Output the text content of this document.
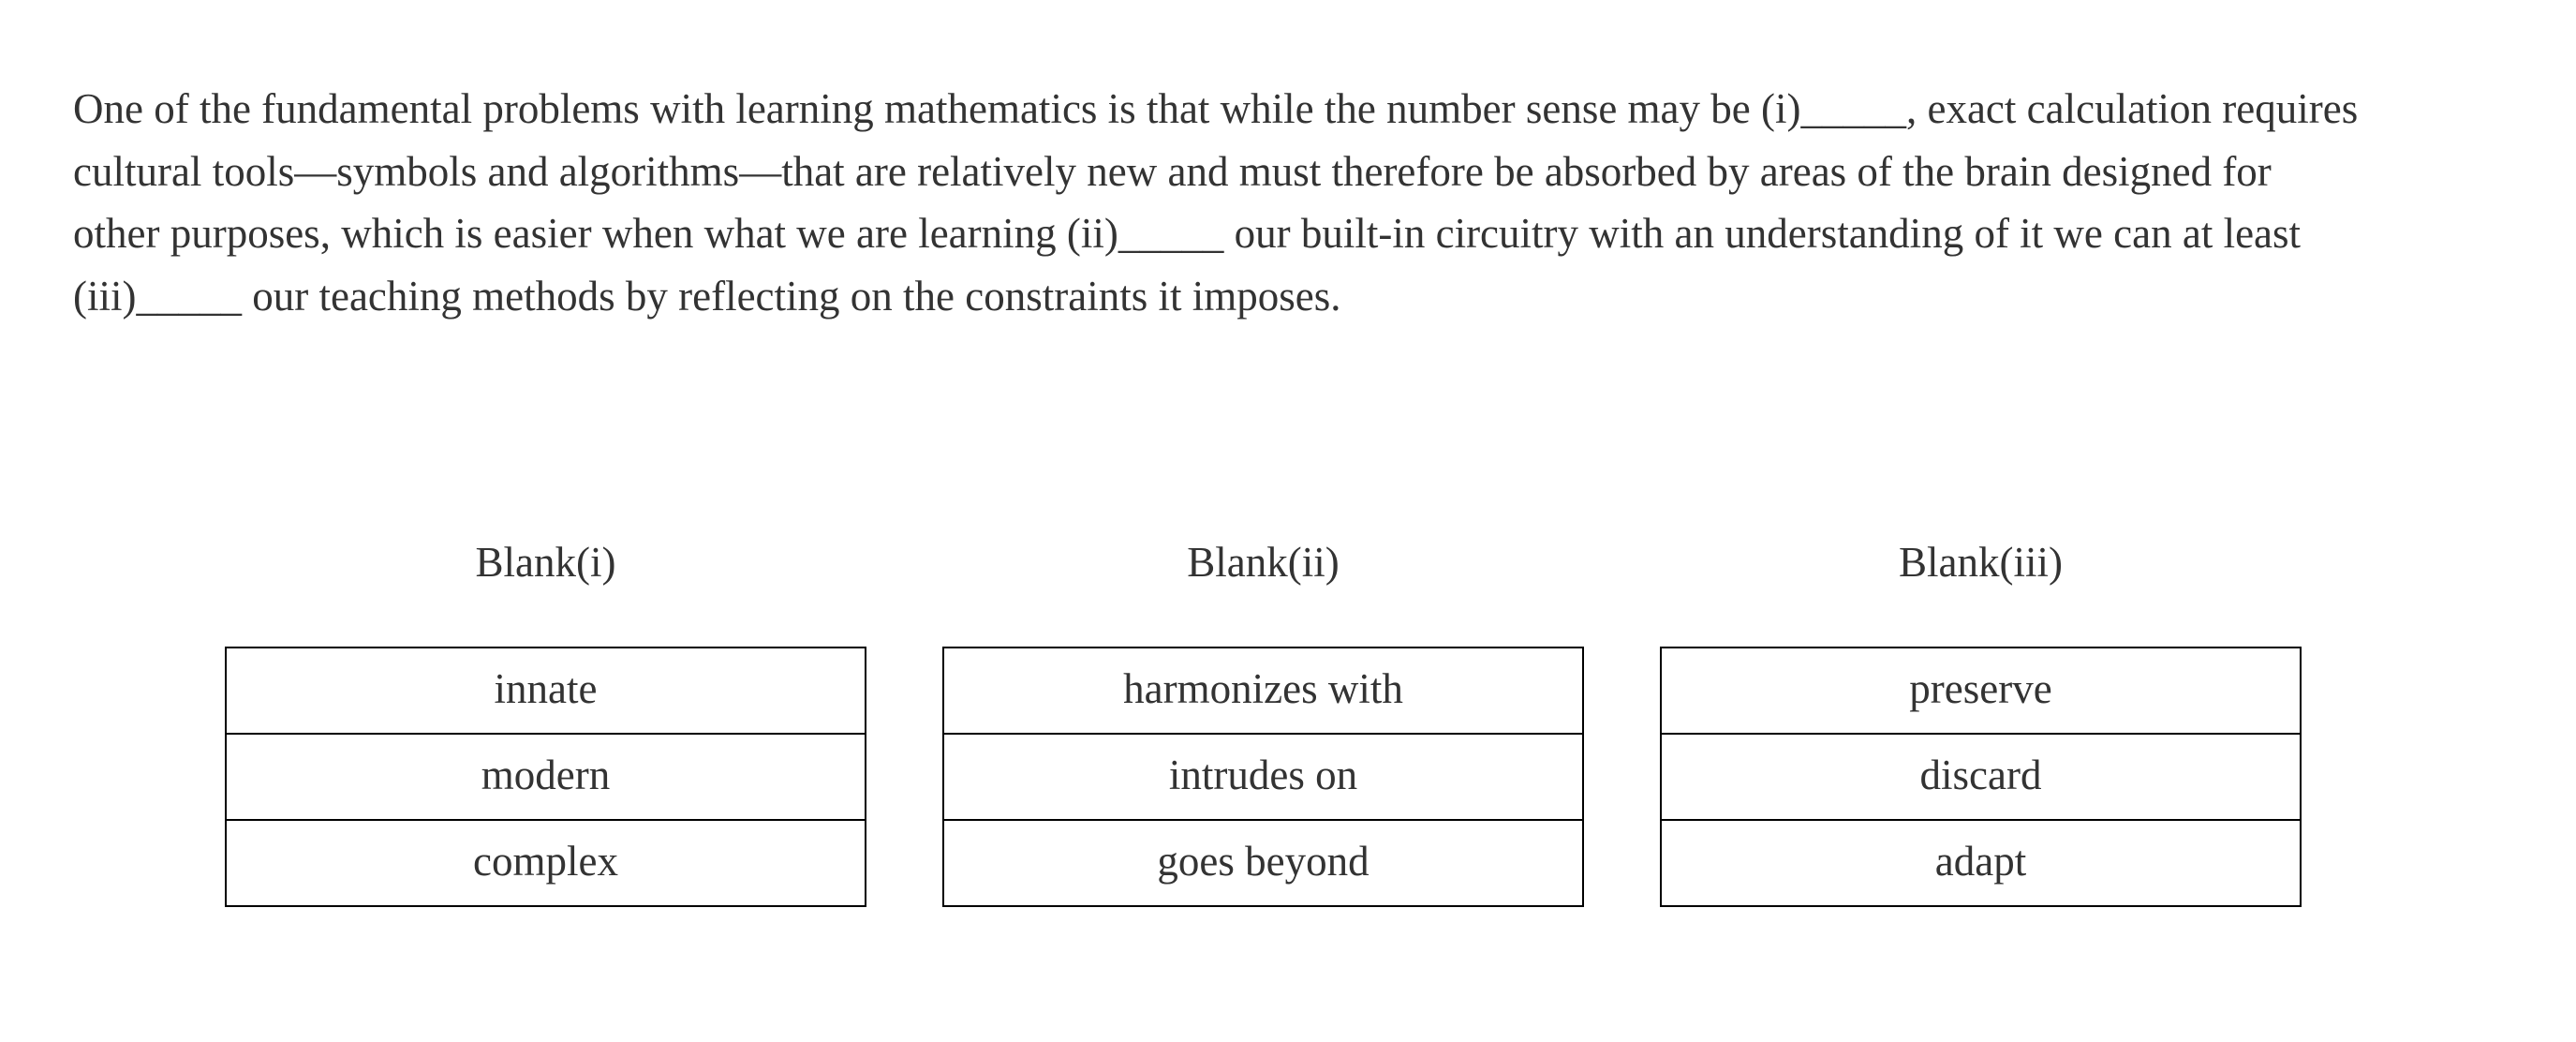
One of the fundamental problems with learning mathematics is that while the number sense may be (i)_____, exact calculation requires
cultural tools—symbols and algorithms—that are relatively new and must therefore be absorbed by areas of the brain designed for
other purposes, which is easier when what we are learning (ii)_____ our built-in circuitry with an understanding of it we can at least
(iii)_____ our teaching methods by reflecting on the constraints it imposes.

Blank(i)
innate
modern
complex
Blank(ii)
harmonizes with
intrudes on
goes beyond
Blank(iii)
preserve
discard
adapt
